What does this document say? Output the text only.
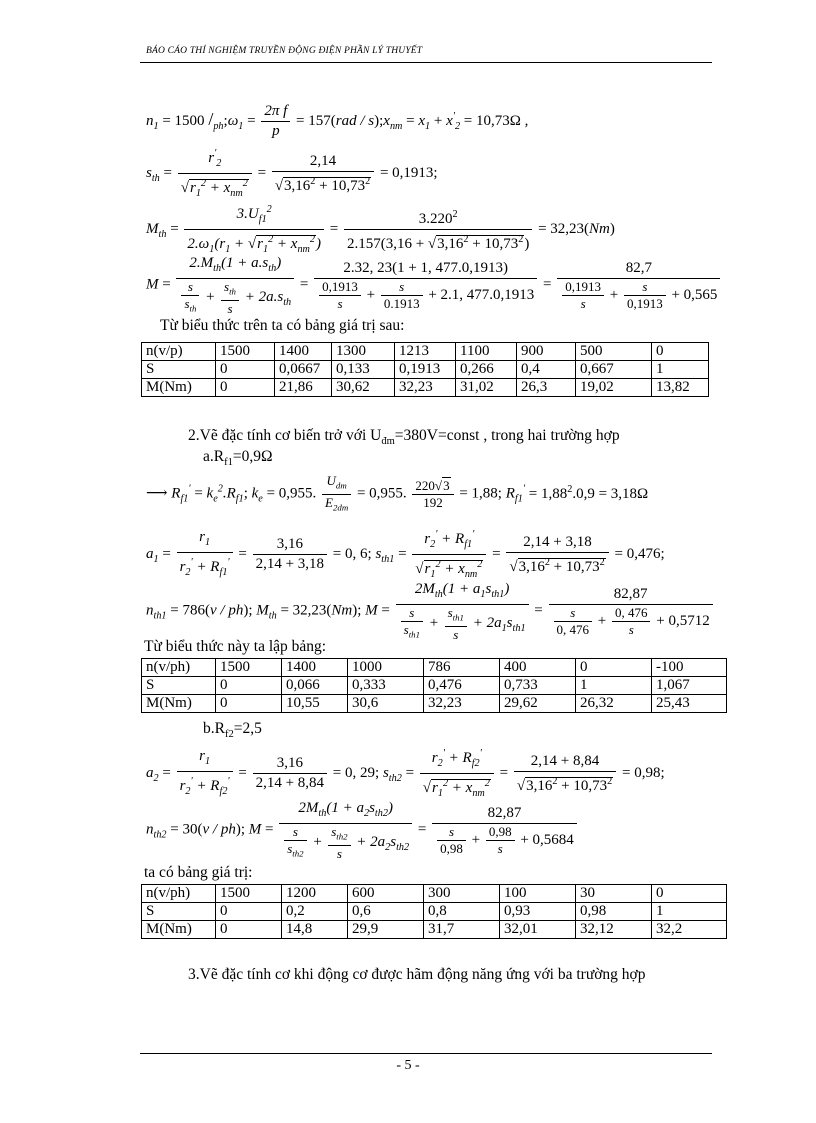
BÁO CÁO THÍ NGHIỆM TRUYỀN ĐỘNG ĐIỆN PHẦN LÝ THUYẾT
$n_1 = 1500$ $/_{ph};\omega_1 = \frac{\text{2π f}}{p} = 157(rad$ / $s);x_{nm} = x_1 + x'_2 = 10,73\Omega$ ,
$s_{th} = \frac{r'_2}{√r_1^2 + x_{nm}^2} = \frac{2,14}{√3,16^2 + 10,73^2} = 0,1913$;
$M_{th} = \frac{3.U_{f1}^2}{2.\omega_1(r_1 + √r_1^2 + x_{nm}^2)} = \frac{3.220^2}{2.157(3,16 + √3,16^2 + 10,73^2)} = 32,23(Nm)$
$M = \frac{2.M_{th}(1 + a.s_{th})}{\frac{s}{s_{th}} + \frac{s_{th}}{s} + 2a.s_{th}} = \frac{2.32, 23(1 + 1, 477.0,1913)}{\frac{0,1913}{s} + \frac{s}{0.1913} + 2.1, 477.0,1913} = \frac{82,7}{\frac{0,1913}{s} + \frac{s}{0,1913} + 0,565}$
Từ biểu thức trên ta có bảng giá trị sau:
n(v/p)	1500	1400	1300	1213	1100	900	500	0
S	0	0,0667	0,133	0,1913	0,266	0,4	0,667	1
M(Nm)	0	21,86	30,62	32,23	31,02	26,3	19,02	13,82
2.Vẽ đặc tính cơ biến trở với $U_{đm}=380V=const$ , trong hai trường hợp
$a.R_{f1}=0,9\Omega$
⟶ $R_{f1}' = k_e^2.R_{f1}$; $k_e = 0,955$. $\frac{U_{dm}}{E_{2dm}} = 0,955$. $\frac{220√3}{192} = 1,88$; $R_{f1}' = 1,88^2.0,9 = 3,18\Omega$
$a_1 = \frac{r_1}{r_2' + R_{f1}'} = \frac{3,16}{2,14 + 3,18} = 0$, 6; $s_{th1} = \frac{r_2' + R_{f1}'}{√r_1^2 + x_{nm}^2} = \frac{2,14 + 3,18}{√3,16^2 + 10,73^2} = 0,476$;
$n_{th1} = 786(v / ph)$; $M_{th} = 32,23(Nm)$; $M = \frac{2M_{th}(1 + a_1s_{th1})}{\frac{s}{s_{th1}} + \frac{s_{th1}}{s} + 2a_1s_{th1}} = \frac{82,87}{\frac{s}{0, 476} + \frac{0, 476}{s} + 0,5712}$
Từ biểu thức này ta lập bảng:
n(v/ph)	1500	1400	1000	786	400	0	-100
S	0	0,066	0,333	0,476	0,733	1	1,067
M(Nm)	0	10,55	30,6	32,23	29,62	26,32	25,43
$b.R_{f2}=2,5$
$a_2 = \frac{r_1}{r_2' + R_{f2}'} = \frac{3,16}{2,14 + 8,84} = 0$, 29; $s_{th2} = \frac{r_2' + R_{f2}'}{√r_1^2 + x_{nm}^2} = \frac{2,14 + 8,84}{√3,16^2 + 10,73^2} = 0,98$;
$n_{th2} = 30(v / ph)$; $M = \frac{2M_{th}(1 + a_2s_{th2})}{\frac{s}{s_{th2}} + \frac{s_{th2}}{s} + 2a_2s_{th2}} = \frac{82,87}{\frac{s}{0,98} + \frac{0,98}{s} + 0,5684}$
ta có bảng giá trị:
n(v/ph)	1500	1200	600	300	100	30	0
S	0	0,2	0,6	0,8	0,93	0,98	1
M(Nm)	0	14,8	29,9	31,7	32,01	32,12	32,2
3.Vẽ đặc tính cơ khi động cơ được hãm động năng ứng với ba trường hợp
- 5 -
